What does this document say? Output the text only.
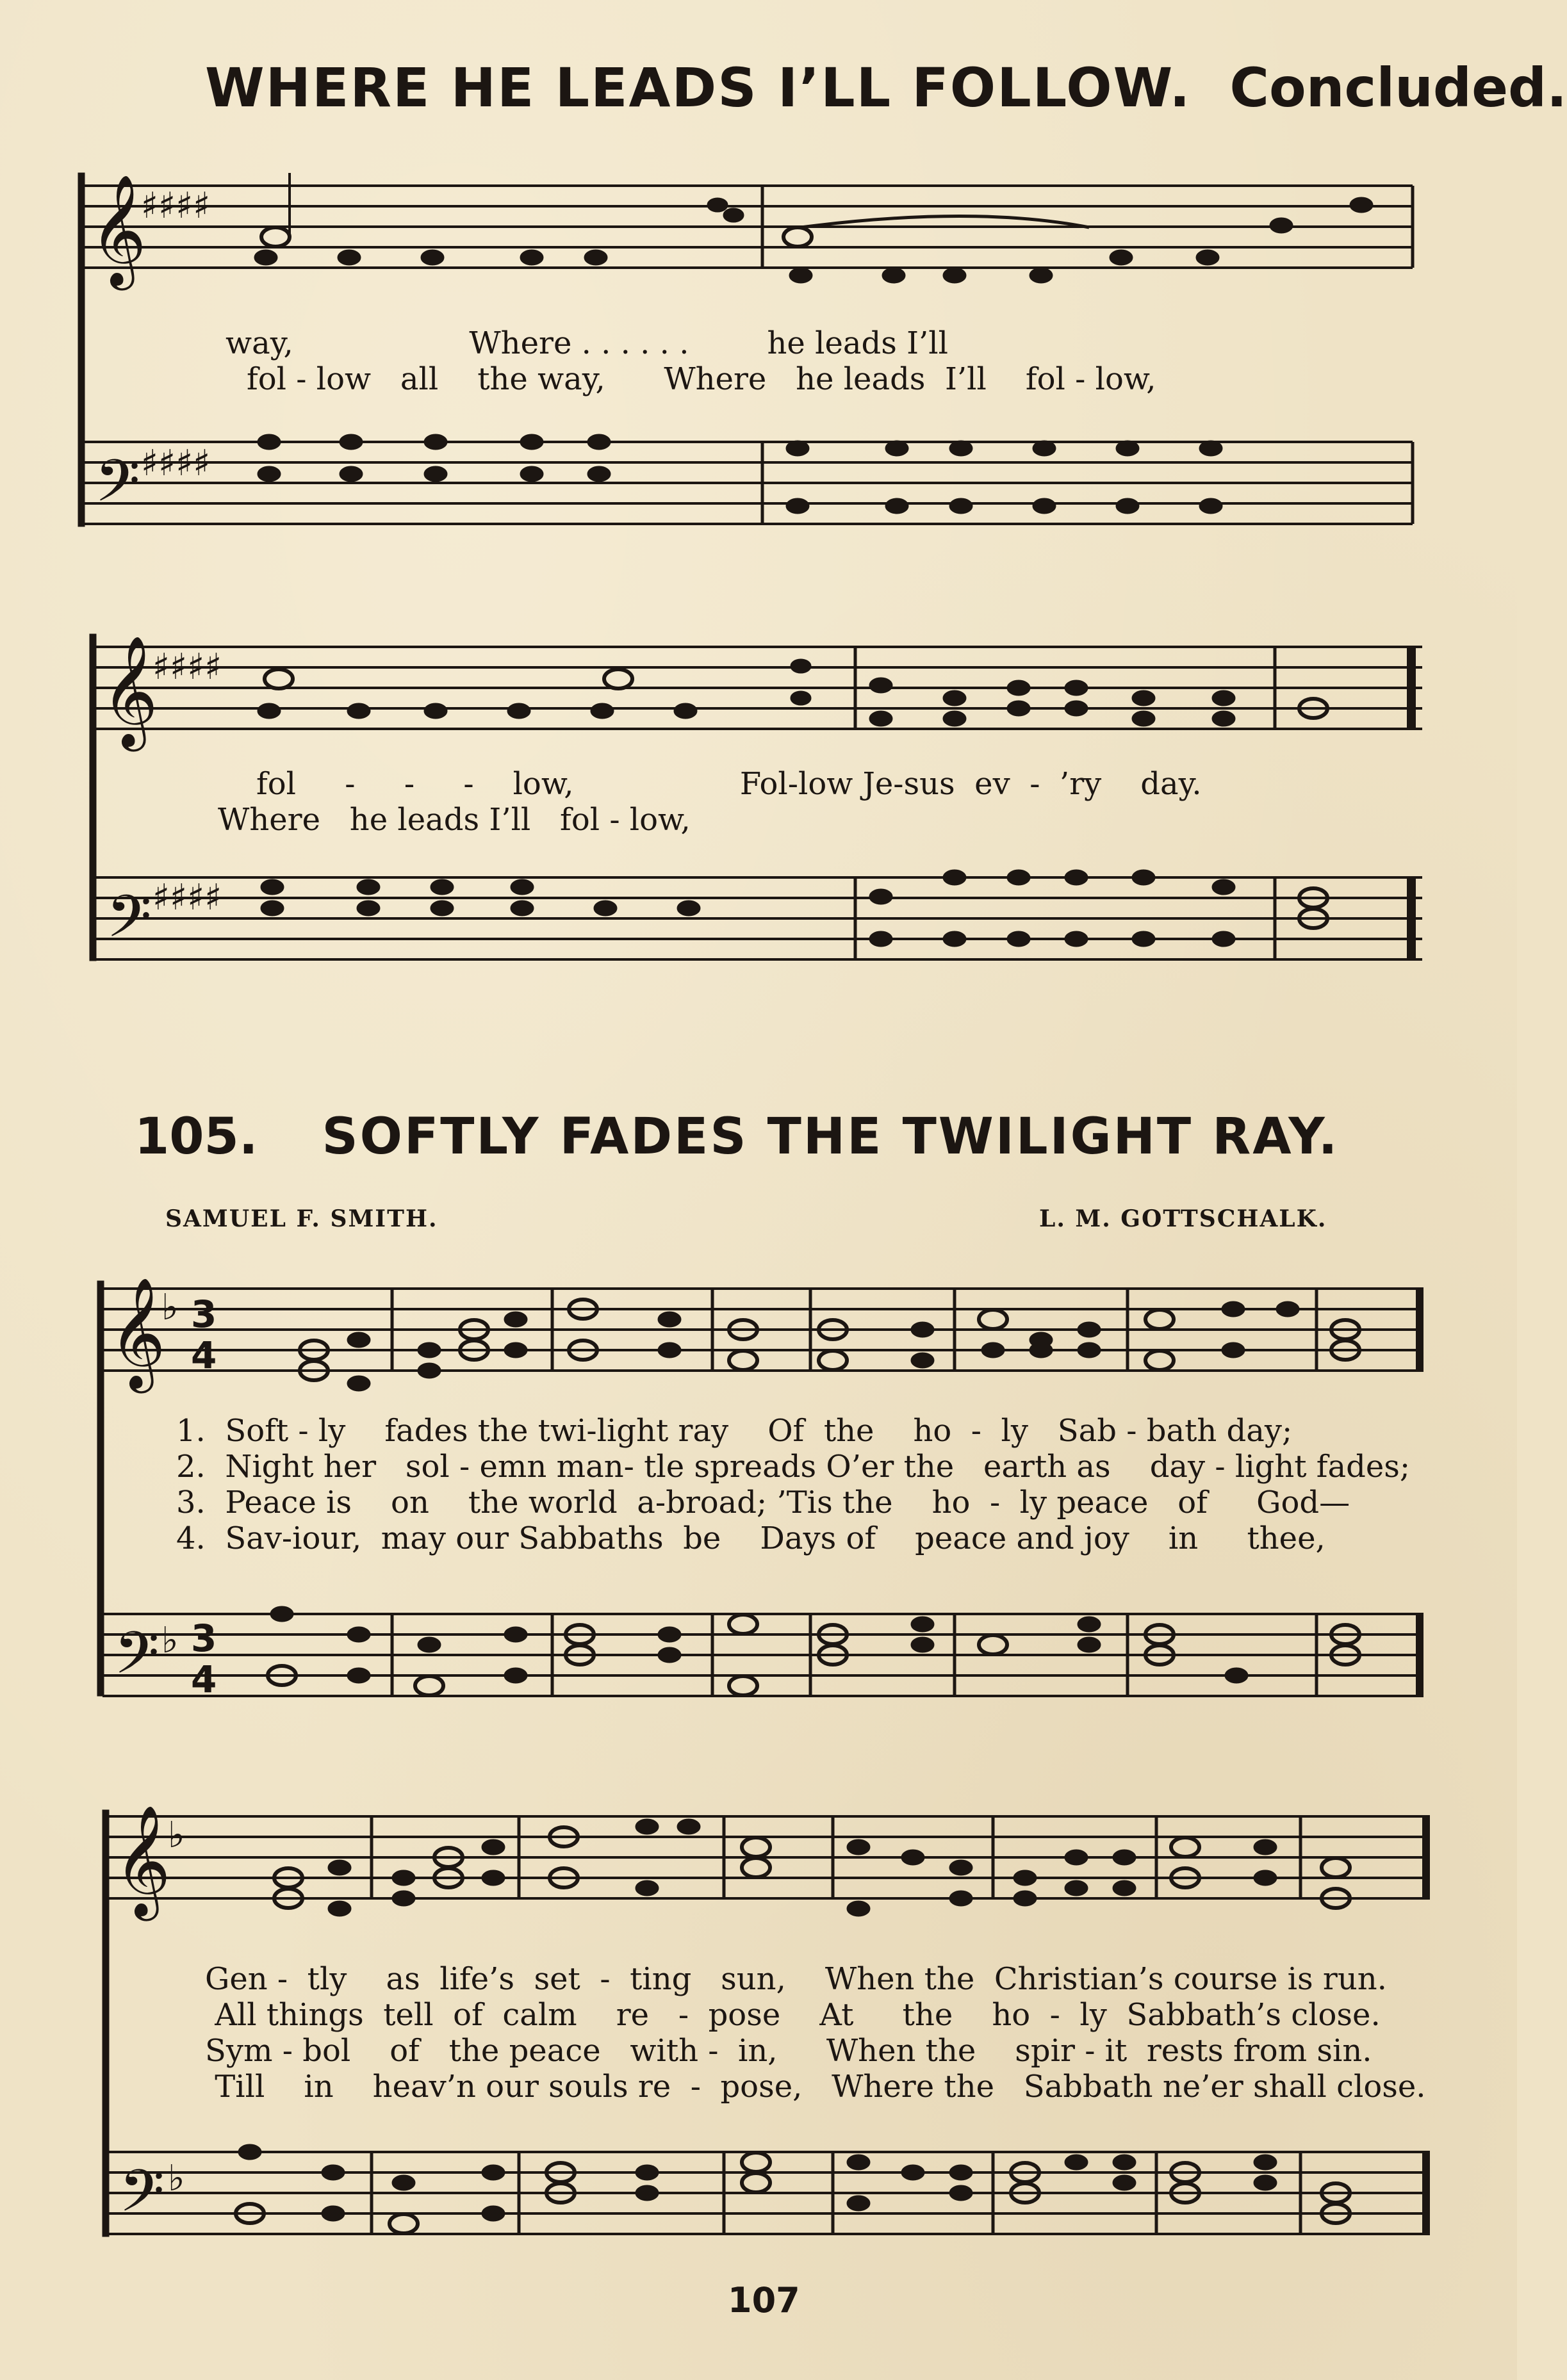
WHERE HE LEADS I’LL FOLLOW. Concluded.
𝄞
♯♯♯♯
𝄢 ♯♯♯♯
𝄞
♯♯♯♯
𝄢 ♯♯♯♯
𝄞
♭ 3
4
𝄢 ♭ 3
4
𝄞
♭
𝄢 ♭
way,                  Where . . . . . .        he leads I’ll
fol - low   all    the way,      Where   he leads  I’ll    fol - low,
fol     -     -     -    low,                 Fol-low Je-sus  ev  -  ’ry    day.
Where   he leads I’ll   fol - low,
105. SOFTLY FADES THE TWILIGHT RAY.
SAMUEL F. SMITH.	L. M. GOTTSCHALK.
1.  Soft - ly    fades the twi-light ray    Of  the    ho  -  ly   Sab - bath day;
2.  Night her   sol - emn man- tle spreads O’er the   earth as    day - light fades;
3.  Peace is    on    the world  a-broad; ’Tis the    ho  -  ly peace   of     God—
4.  Sav-iour,  may our Sabbaths  be    Days of    peace and joy    in     thee,
Gen -  tly    as  life’s  set  -  ting   sun,    When the  Christian’s course is run.
All things  tell  of  calm    re   -  pose    At     the    ho  -  ly  Sabbath’s close.
Sym - bol    of   the peace   with -  in,     When the    spir - it  rests from sin.
Till    in    heav’n our souls re  -  pose,   Where the   Sabbath ne’er shall close.
107
